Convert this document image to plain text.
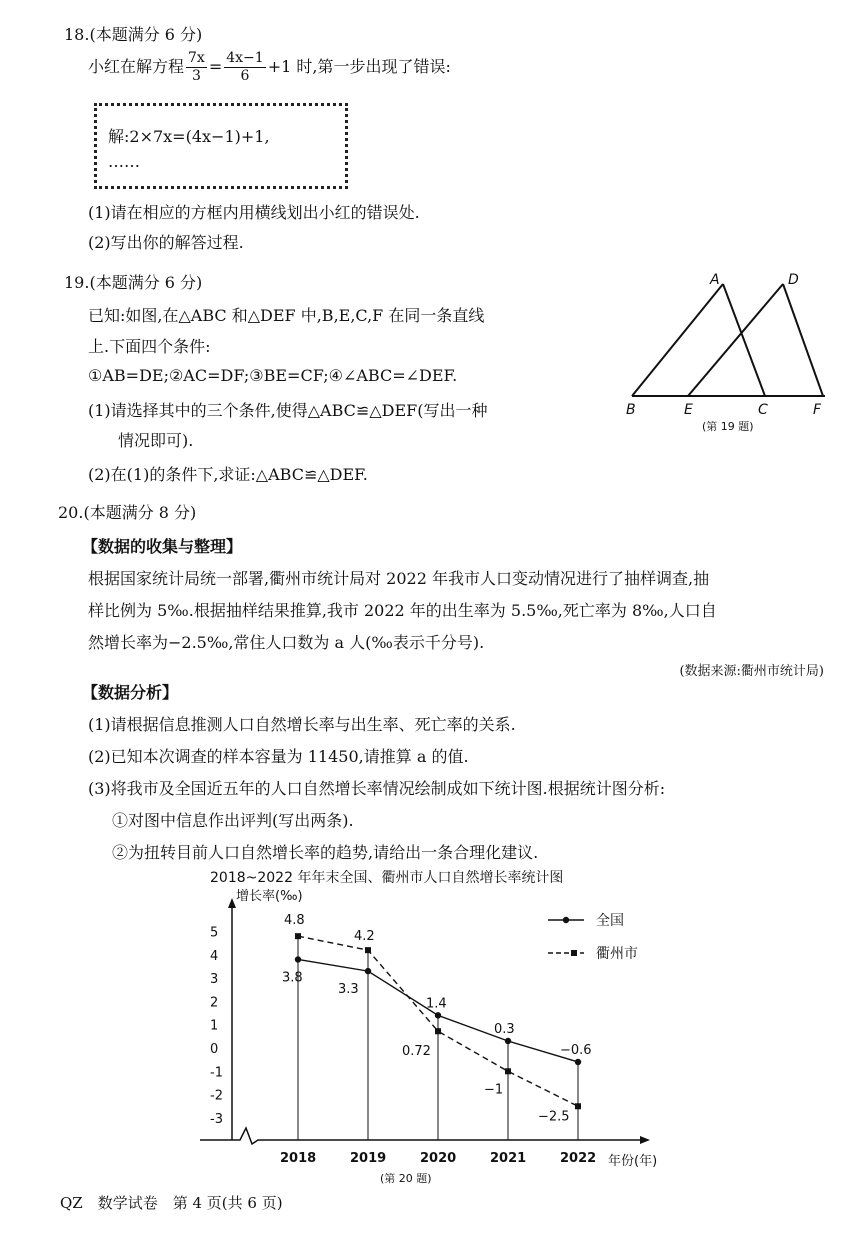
18.(本题满分 6 分)
小红在解方程 $\frac{7x}{3} = \frac{4x-1}{6} +1$ 时,第一步出现了错误:
解:2×7x=(4x−1)+1,
……
(1)请在相应的方框内用横线划出小红的错误处.
(2)写出你的解答过程.
19.(本题满分 6 分)
已知:如图,在△ABC 和△DEF 中,B,E,C,F 在同一条直线
上.下面四个条件:
①AB=DE;②AC=DF;③BE=CF;④∠ABC=∠DEF.
(1)请选择其中的三个条件,使得△ABC≌△DEF(写出一种
情况即可).
(2)在(1)的条件下,求证:△ABC≌△DEF.
A	D
B	E	C	F
(第 19 题)
20.(本题满分 8 分)
【数据的收集与整理】
根据国家统计局统一部署,衢州市统计局对 2022 年我市人口变动情况进行了抽样调查,抽
样比例为 5‰.根据抽样结果推算,我市 2022 年的出生率为 5.5‰,死亡率为 8‰,人口自
然增长率为−2.5‰,常住人口数为 a 人(‰表示千分号).
(数据来源:衢州市统计局)
【数据分析】
(1)请根据信息推测人口自然增长率与出生率、死亡率的关系.
(2)已知本次调查的样本容量为 11450,请推算 a 的值.
(3)将我市及全国近五年的人口自然增长率情况绘制成如下统计图.根据统计图分析:
①对图中信息作出评判(写出两条).
②为扭转目前人口自然增长率的趋势,请给出一条合理化建议.
2018~2022 年年末全国、衢州市人口自然增长率统计图
增长率(‰)
年份(年)
(第 20 题)
5
4
3
2
1
0
-1
-2
-3
2018	2019	2020	2021	2022
3.8
3.3
1.4
0.3
−0.6
4.8
4.2
0.72
−1
−2.5
全国
衢州市
QZ　数学试卷　第 4 页(共 6 页)
